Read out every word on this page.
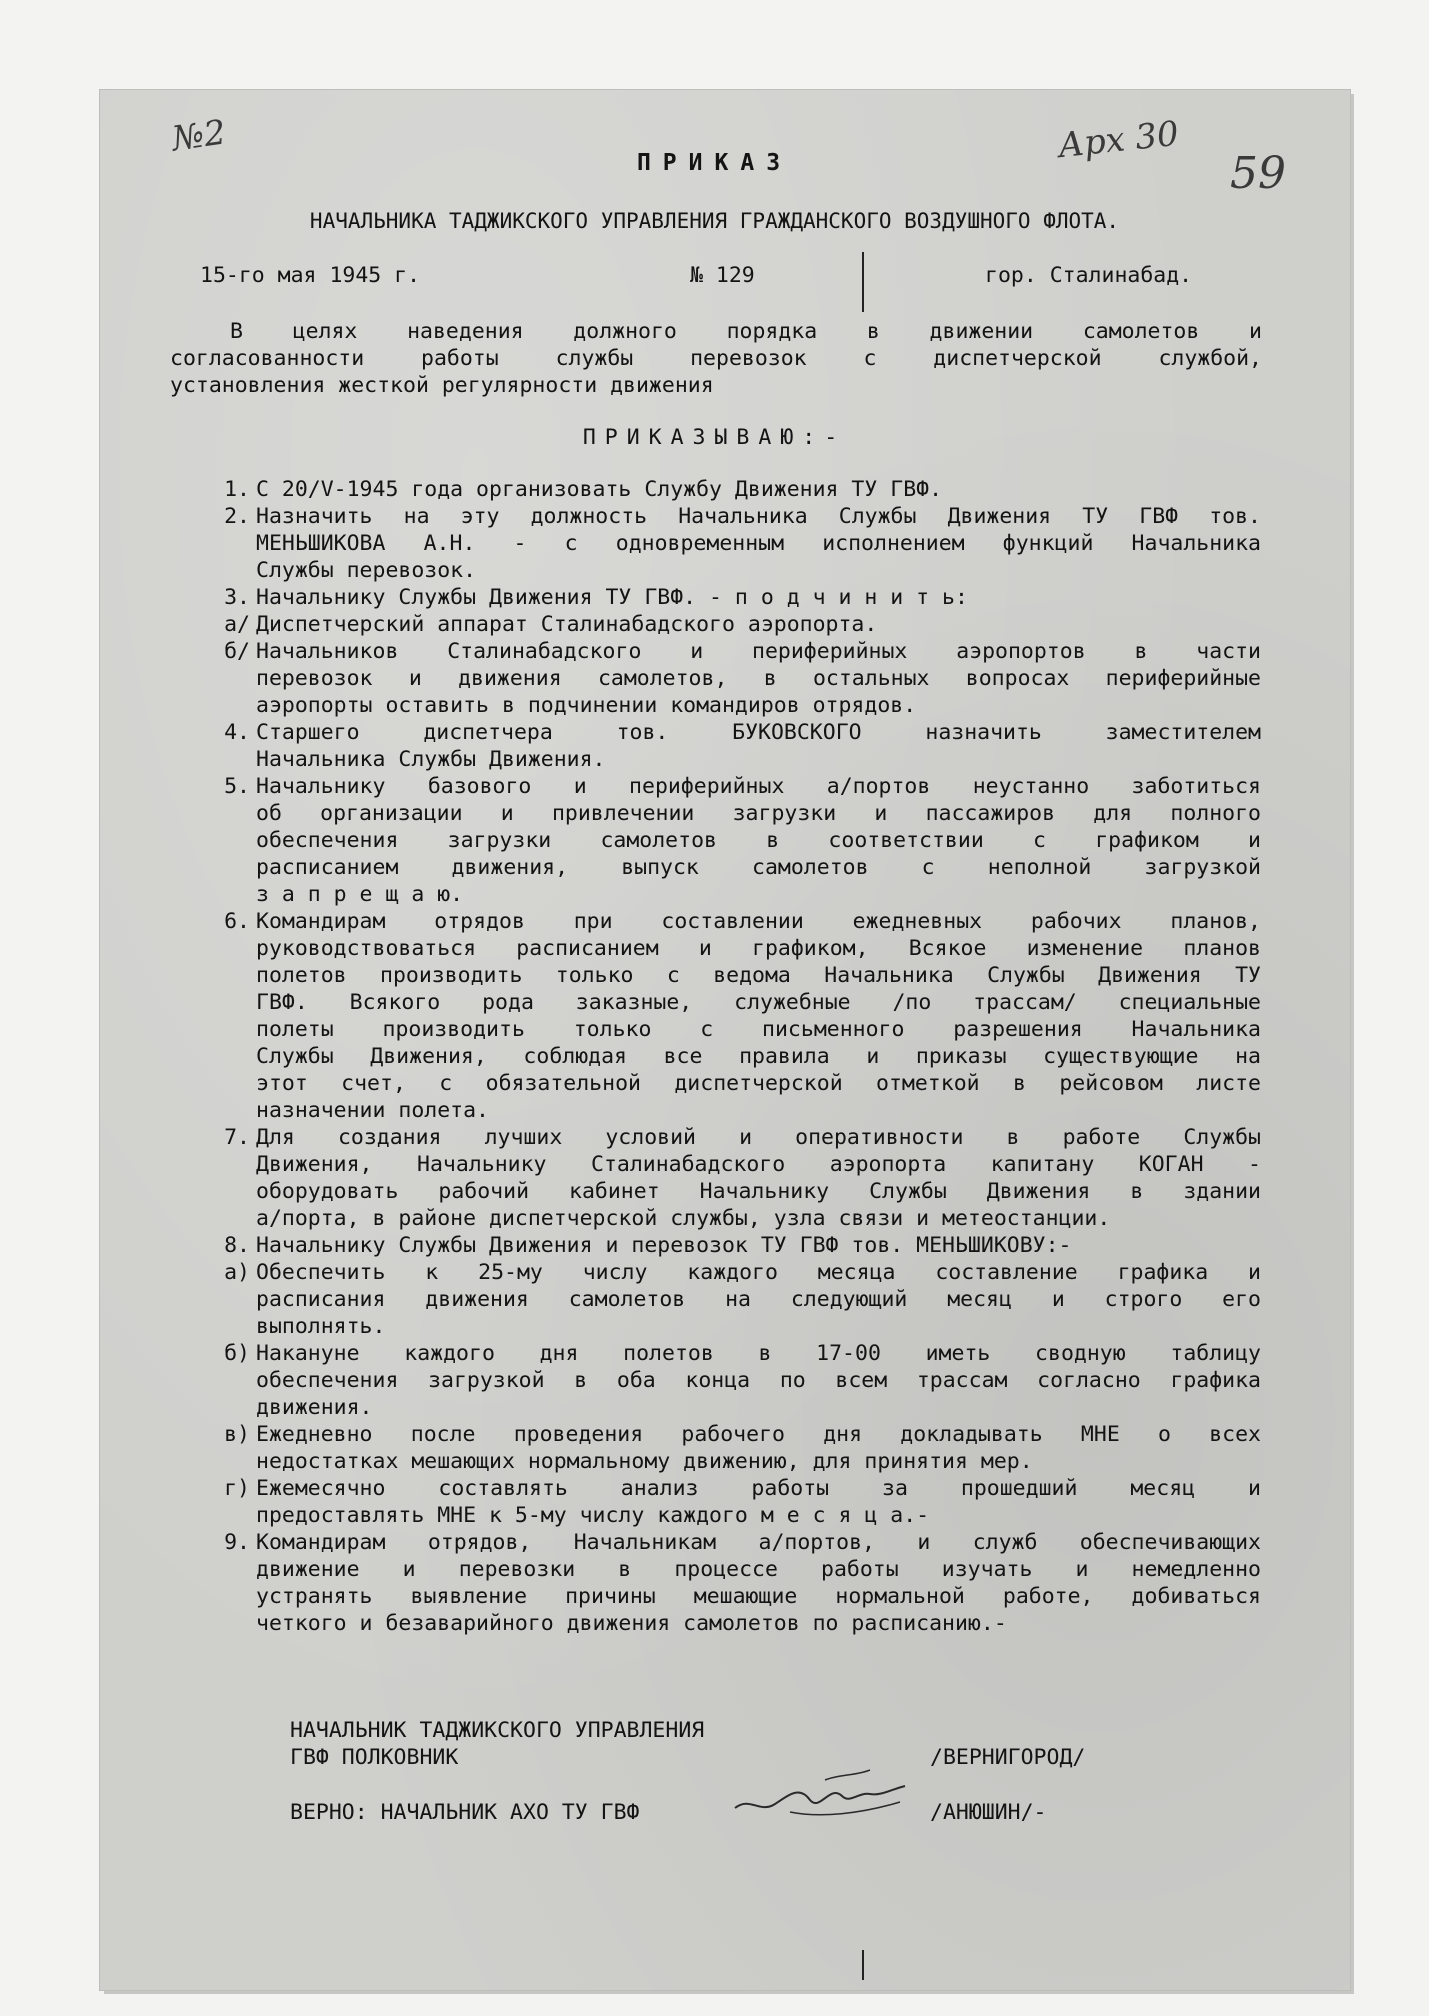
№2	Арх 30
59
ПРИКАЗ
НАЧАЛЬНИКА ТАДЖИКСКОГО УПРАВЛЕНИЯ ГРАЖДАНСКОГО ВОЗДУШНОГО ФЛОТА.
15-го мая 1945 г.	№ 129	гор. Сталинабад.
В целях наведения должного порядка в движении самолетов и
согласованности работы службы перевозок с диспетчерской службой,
установления жесткой регулярности движения
ПРИКАЗЫВАЮ:-
1. С 20/V-1945 года организовать Службу Движения ТУ ГВФ.
2. Назначить на эту должность Начальника Службы Движения ТУ ГВФ тов.
МЕНЬШИКОВА А.Н. - с одновременным исполнением функций Начальника
Службы перевозок.
3. Начальнику Службы Движения ТУ ГВФ. - п о д ч и н и т ь:
а/ Диспетчерский аппарат Сталинабадского аэропорта.
б/ Начальников Сталинабадского и периферийных аэропортов в части
перевозок и движения самолетов, в остальных вопросах периферийные
аэропорты оставить в подчинении командиров отрядов.
4. Старшего диспетчера тов. БУКОВСКОГО назначить заместителем
Начальника Службы Движения.
5. Начальнику базового и периферийных а/портов неустанно заботиться
об организации и привлечении загрузки и пассажиров для полного
обеспечения загрузки самолетов в соответствии с графиком и
расписанием движения, выпуск самолетов с неполной загрузкой
з а п р е щ а ю.
6. Командирам отрядов при составлении ежедневных рабочих планов,
руководствоваться расписанием и графиком, Всякое изменение планов
полетов производить только с ведома Начальника Службы Движения ТУ
ГВФ. Всякого рода заказные, служебные /по трассам/ специальные
полеты производить только с письменного разрешения Начальника
Службы Движения, соблюдая все правила и приказы существующие на
этот счет, с обязательной диспетчерской отметкой в рейсовом листе
назначении полета.
7. Для создания лучших условий и оперативности в работе Службы
Движения, Начальнику Сталинабадского аэропорта капитану КОГАН -
оборудовать рабочий кабинет Начальнику Службы Движения в здании
а/порта, в районе диспетчерской службы, узла связи и метеостанции.
8. Начальнику Службы Движения и перевозок ТУ ГВФ тов. МЕНЬШИКОВУ:-
а) Обеспечить к 25-му числу каждого месяца составление графика и
расписания движения самолетов на следующий месяц и строго его
выполнять.
б) Накануне каждого дня полетов в 17-00 иметь сводную таблицу
обеспечения загрузкой в оба конца по всем трассам согласно графика
движения.
в) Ежедневно после проведения рабочего дня докладывать МНЕ о всех
недостатках мешающих нормальному движению, для принятия мер.
г) Ежемесячно составлять анализ работы за прошедший месяц и
предоставлять МНЕ к 5-му числу каждого м е с я ц а.-
9. Командирам отрядов, Начальникам а/портов, и служб обеспечивающих
движение и перевозки в процессе работы изучать и немедленно
устранять выявление причины мешающие нормальной работе, добиваться
четкого и безаварийного движения самолетов по расписанию.-
НАЧАЛЬНИК ТАДЖИКСКОГО УПРАВЛЕНИЯ
ГВФ ПОЛКОВНИК	/ВЕРНИГОРОД/
ВЕРНО: НАЧАЛЬНИК АХО ТУ ГВФ	/АНЮШИН/-
